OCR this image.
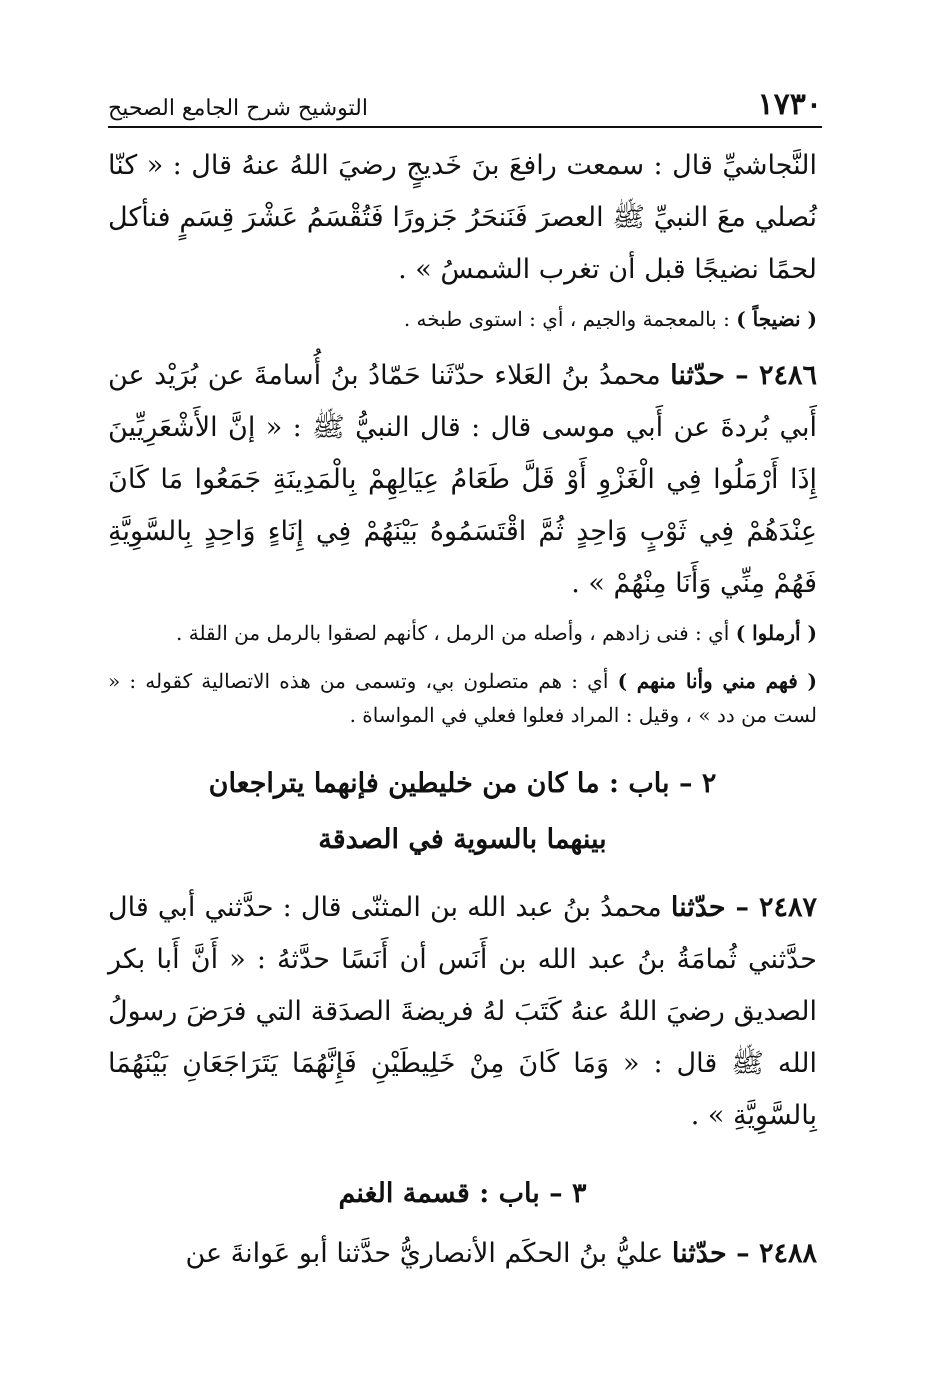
١٧٣٠
التوشيح شرح الجامع الصحيح

النَّجاشيِّ قال : سمعت رافعَ بنَ خَديجٍ رضيَ اللهُ عنهُ قال : « كنّا نُصلي معَ النبيِّ ﷺ العصرَ فَنَنحَرُ جَزورًا فَتُقْسَمُ عَشْرَ قِسَمٍ فنأكل لحمًا نضيجًا قبل أن تغرب الشمسُ » .

( نضيجاً ) : بالمعجمة والجيم ، أي : استوى طبخه .

٢٤٨٦ – حدّثنا محمدُ بنُ العَلاء حدّثَنا حَمّادُ بنُ أُسامةَ عن بُرَيْد عن أَبي بُردةَ عن أَبي موسى قال : قال النبيُّ ﷺ : « إنَّ الأَشْعَرِيِّينَ إِذَا أَرْمَلُوا فِي الْغَزْوِ أَوْ قَلَّ طَعَامُ عِيَالِهِمْ بِالْمَدِينَةِ جَمَعُوا مَا كَانَ عِنْدَهُمْ فِي ثَوْبٍ وَاحِدٍ ثُمَّ اقْتَسَمُوهُ بَيْنَهُمْ فِي إِنَاءٍ وَاحِدٍ بِالسَّوِيَّةِ فَهُمْ مِنِّي وَأَنَا مِنْهُمْ » .

( أرملوا ) أي : فنى زادهم ، وأصله من الرمل ، كأنهم لصقوا بالرمل من القلة .

( فهم مني وأنا منهم ) أي : هم متصلون بي، وتسمى من هذه الاتصالية كقوله : « لست من دد » ، وقيل : المراد فعلوا فعلي في المواساة .

٢ – باب : ما كان من خليطين فإنهما يتراجعان
بينهما بالسوية في الصدقة

٢٤٨٧ – حدّثنا محمدُ بنُ عبد الله بن المثنّى قال : حدَّثني أبي قال حدَّثني ثُمامَةُ بنُ عبد الله بن أَنَس أن أَنَسًا حدَّثهُ : « أَنَّ أَبا بكر الصديق رضيَ اللهُ عنهُ كَتَبَ لهُ فريضةَ الصدَقة التي فرَضَ رسولُ الله ﷺ قال : « وَمَا كَانَ مِنْ خَلِيطَيْنِ فَإِنَّهُمَا يَتَرَاجَعَانِ بَيْنَهُمَا بِالسَّوِيَّةِ » .

٣ – باب : قسمة الغنم

٢٤٨٨ – حدّثنا عليُّ بنُ الحكَم الأنصاريُّ حدَّثنا أبو عَوانةَ عن
